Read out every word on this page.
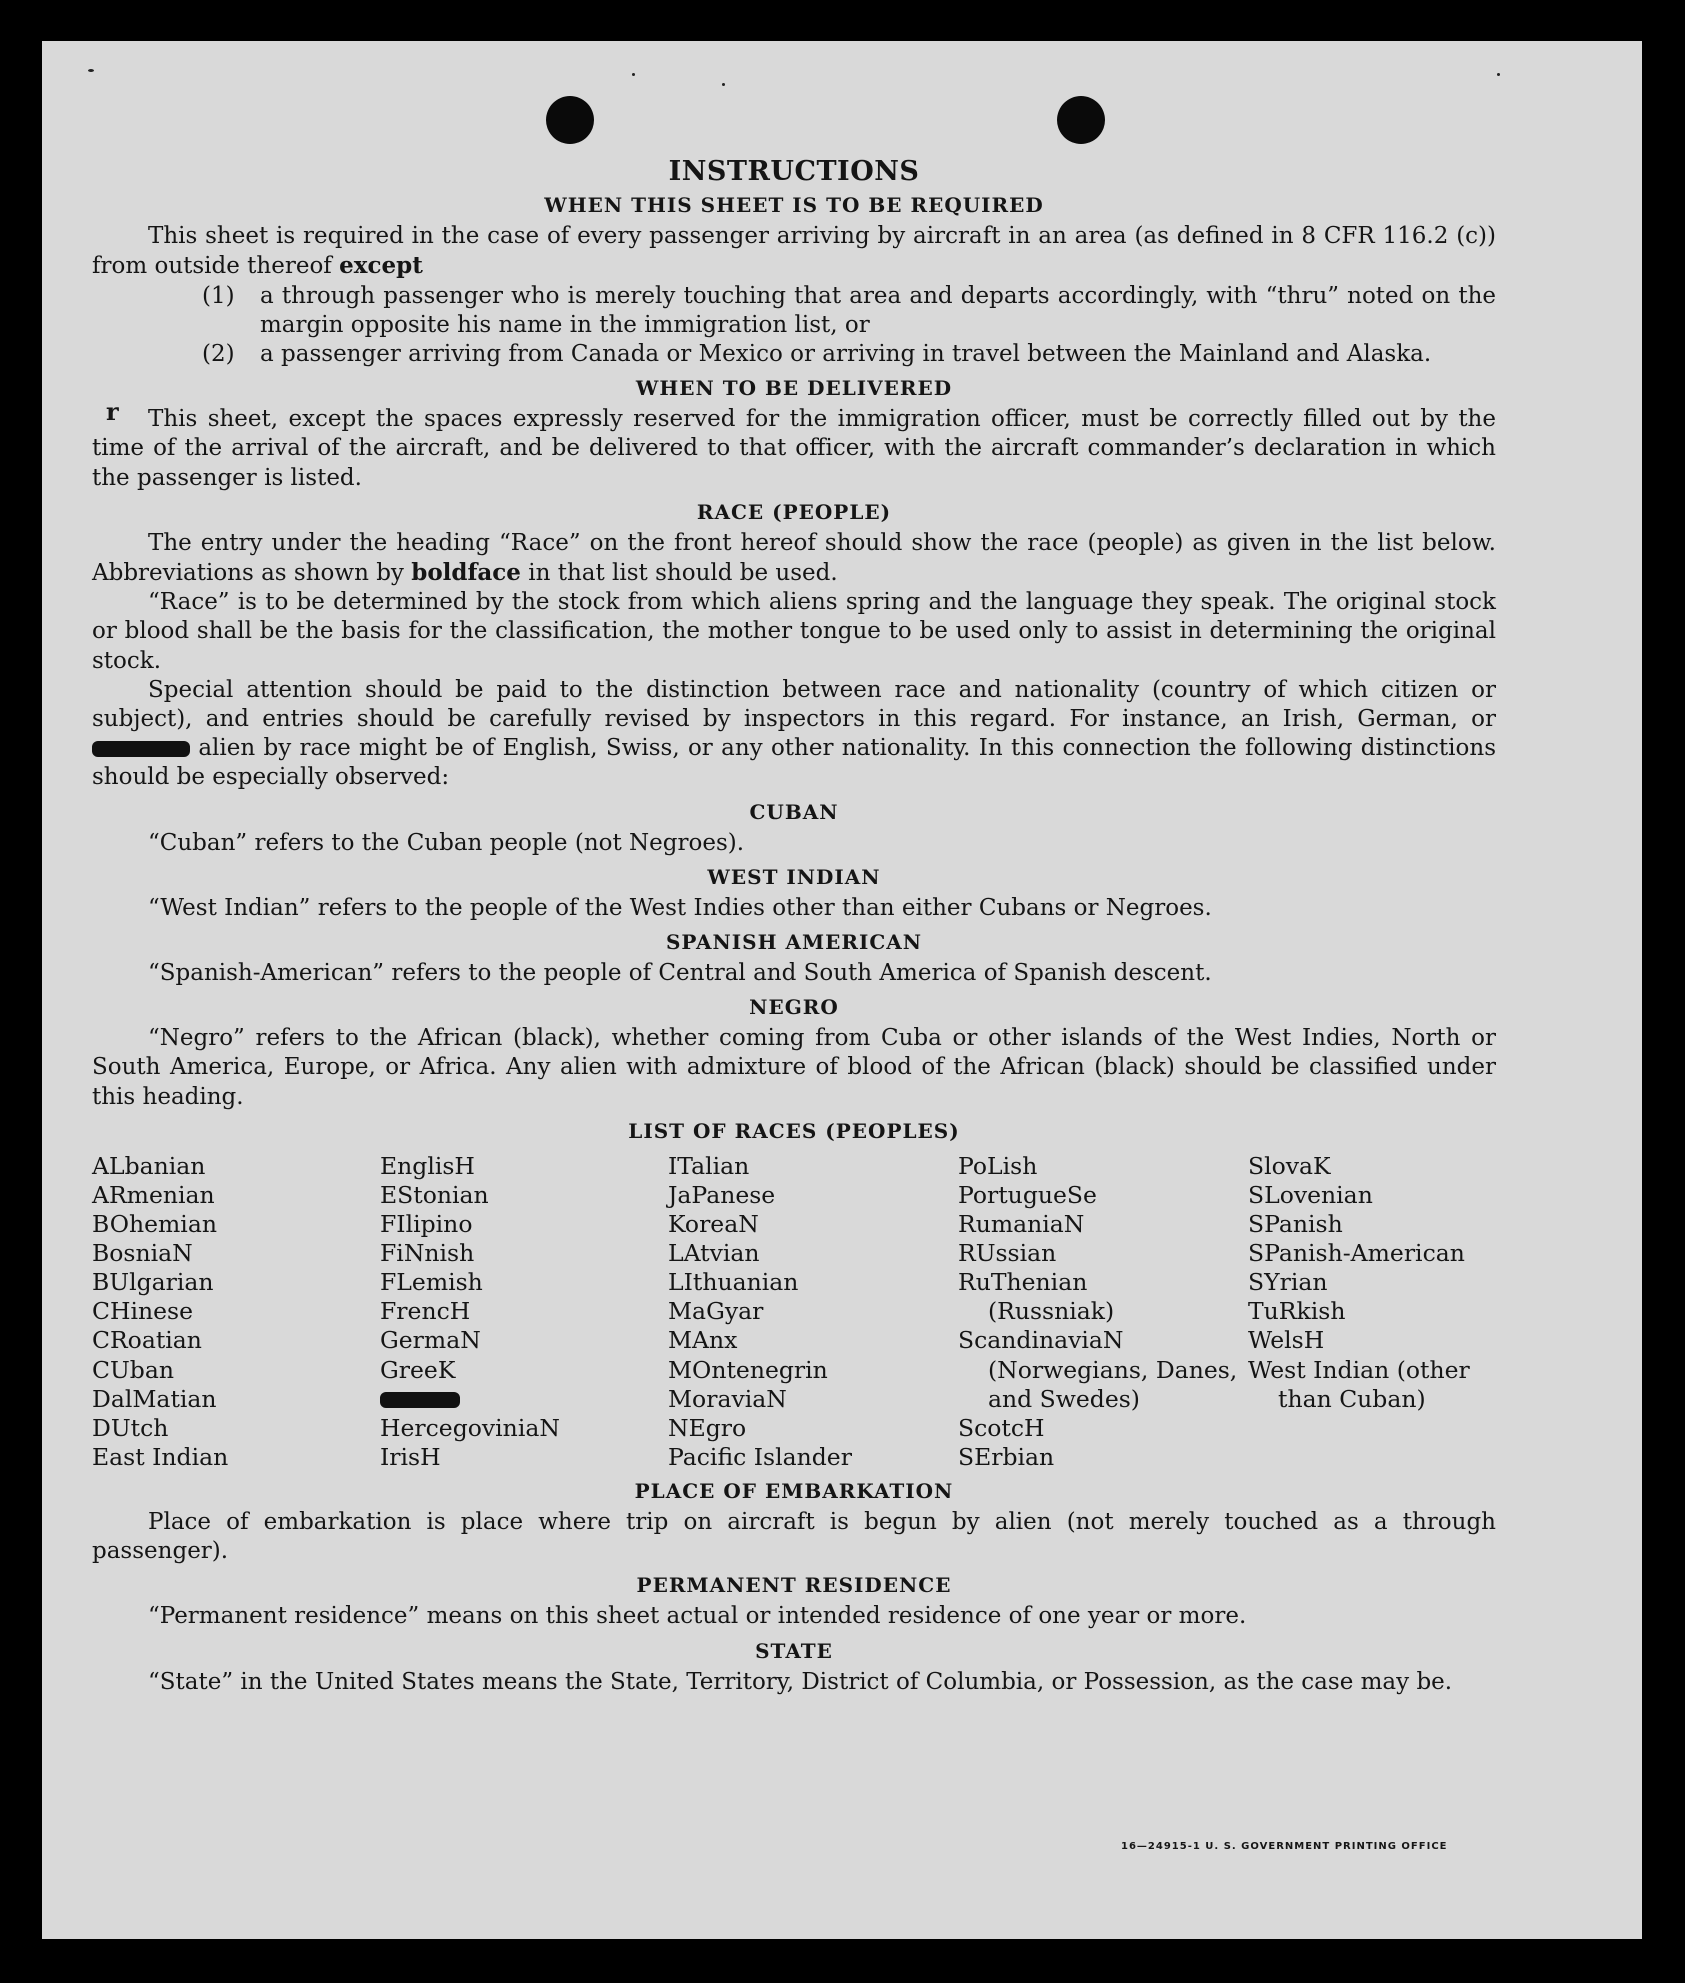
r
INSTRUCTIONS
WHEN THIS SHEET IS TO BE REQUIRED

This sheet is required in the case of every passenger arriving by aircraft in an area (as defined in 8 CFR 116.2 (c)) from outside thereof except

(1)	a through passenger who is merely touching that area and departs accordingly, with “thru” noted on the margin opposite his name in the immigration list, or
(2)	a passenger arriving from Canada or Mexico or arriving in travel between the Mainland and Alaska.
WHEN TO BE DELIVERED

This sheet, except the spaces expressly reserved for the immigration officer, must be correctly filled out by the time of the arrival of the aircraft, and be delivered to that officer, with the aircraft commander’s declaration in which the passenger is listed.

RACE (PEOPLE)

The entry under the heading “Race” on the front hereof should show the race (people) as given in the list below. Abbreviations as shown by boldface in that list should be used.

“Race” is to be determined by the stock from which aliens spring and the language they speak. The original stock or blood shall be the basis for the classification, the mother tongue to be used only to assist in determining the original stock.

Special attention should be paid to the distinction between race and nationality (country of which citizen or subject), and entries should be carefully revised by inspectors in this regard. For instance, an Irish, German, or  alien by race might be of English, Swiss, or any other nationality. In this connection the following distinctions should be especially observed:

CUBAN

“Cuban” refers to the Cuban people (not Negroes).

WEST INDIAN

“West Indian” refers to the people of the West Indies other than either Cubans or Negroes.

SPANISH AMERICAN

“Spanish-American” refers to the people of Central and South America of Spanish descent.

NEGRO

“Negro” refers to the African (black), whether coming from Cuba or other islands of the West Indies, North or South America, Europe, or Africa. Any alien with admixture of blood of the African (black) should be classified under this heading.

LIST OF RACES (PEOPLES)
ALbanian
ARmenian
BOhemian
BosniaN
BUlgarian
CHinese
CRoatian
CUban
DalMatian
DUtch
East Indian
EnglisH
EStonian
FIlipino
FiNnish
FLemish
FrencH
GermaN
GreeK
HercegoviniaN
IrisH
ITalian
JaPanese
KoreaN
LAtvian
LIthuanian
MaGyar
MAnx
MOntenegrin
MoraviaN
NEgro
Pacific Islander
PoLish
PortugueSe
RumaniaN
RUssian
RuThenian (Russniak)
ScandinaviaN (Norwegians, Danes, and Swedes)
ScotcH
SErbian
SlovaK
SLovenian
SPanish
SPanish-American
SYrian
TuRkish
WelsH
West Indian (other than Cuban)
PLACE OF EMBARKATION

Place of embarkation is place where trip on aircraft is begun by alien (not merely touched as a through passenger).

PERMANENT RESIDENCE

“Permanent residence” means on this sheet actual or intended residence of one year or more.

STATE

“State” in the United States means the State, Territory, District of Columbia, or Possession, as the case may be.

16—24915-1 U. S. GOVERNMENT PRINTING OFFICE
